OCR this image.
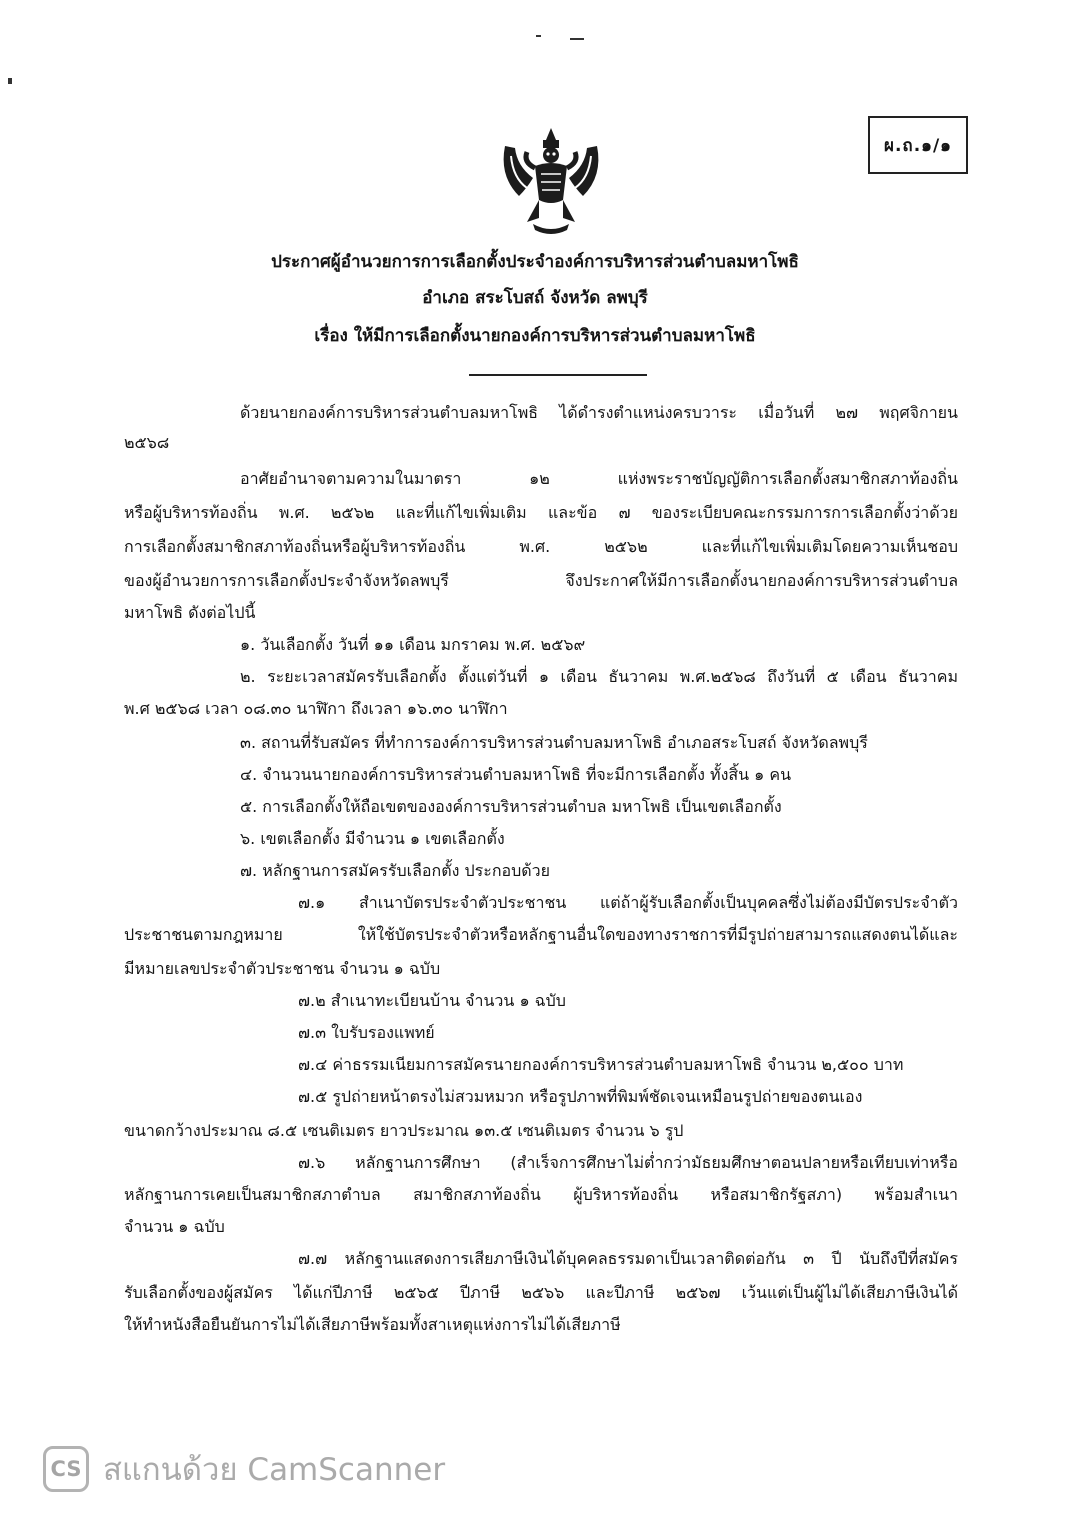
ผ.ถ.๑/๑
ประกาศผู้อำนวยการการเลือกตั้งประจำองค์การบริหารส่วนตำบลมหาโพธิ
อำเภอ สระโบสถ์ จังหวัด ลพบุรี
เรื่อง ให้มีการเลือกตั้งนายกองค์การบริหารส่วนตำบลมหาโพธิ
ด้วยนายกองค์การบริหารส่วนตำบลมหาโพธิ ได้ดำรงตำแหน่งครบวาระ เมื่อวันที่ ๒๗ พฤศจิกายน
๒๕๖๘
อาศัยอำนาจตามความในมาตรา ๑๒ แห่งพระราชบัญญัติการเลือกตั้งสมาชิกสภาท้องถิ่น
หรือผู้บริหารท้องถิ่น พ.ศ. ๒๕๖๒ และที่แก้ไขเพิ่มเติม และข้อ ๗ ของระเบียบคณะกรรมการการเลือกตั้งว่าด้วย
การเลือกตั้งสมาชิกสภาท้องถิ่นหรือผู้บริหารท้องถิ่น พ.ศ. ๒๕๖๒ และที่แก้ไขเพิ่มเติมโดยความเห็นชอบ
ของผู้อำนวยการการเลือกตั้งประจำจังหวัดลพบุรี จึงประกาศให้มีการเลือกตั้งนายกองค์การบริหารส่วนตำบล
มหาโพธิ ดังต่อไปนี้
๑. วันเลือกตั้ง วันที่ ๑๑ เดือน มกราคม พ.ศ. ๒๕๖๙
๒. ระยะเวลาสมัครรับเลือกตั้ง ตั้งแต่วันที่ ๑ เดือน ธันวาคม พ.ศ.๒๕๖๘ ถึงวันที่ ๕ เดือน ธันวาคม
พ.ศ ๒๕๖๘ เวลา ๐๘.๓๐ นาฬิกา ถึงเวลา ๑๖.๓๐ นาฬิกา
๓. สถานที่รับสมัคร ที่ทำการองค์การบริหารส่วนตำบลมหาโพธิ อำเภอสระโบสถ์ จังหวัดลพบุรี
๔. จำนวนนายกองค์การบริหารส่วนตำบลมหาโพธิ ที่จะมีการเลือกตั้ง ทั้งสิ้น ๑ คน
๕. การเลือกตั้งให้ถือเขตขององค์การบริหารส่วนตำบล มหาโพธิ เป็นเขตเลือกตั้ง
๖. เขตเลือกตั้ง มีจำนวน ๑ เขตเลือกตั้ง
๗. หลักฐานการสมัครรับเลือกตั้ง ประกอบด้วย
๗.๑ สำเนาบัตรประจำตัวประชาชน แต่ถ้าผู้รับเลือกตั้งเป็นบุคคลซึ่งไม่ต้องมีบัตรประจำตัว
ประชาชนตามกฎหมาย ให้ใช้บัตรประจำตัวหรือหลักฐานอื่นใดของทางราชการที่มีรูปถ่ายสามารถแสดงตนได้และ
มีหมายเลขประจำตัวประชาชน จำนวน ๑ ฉบับ
๗.๒ สำเนาทะเบียนบ้าน จำนวน ๑ ฉบับ
๗.๓ ใบรับรองแพทย์
๗.๔ ค่าธรรมเนียมการสมัครนายกองค์การบริหารส่วนตำบลมหาโพธิ จำนวน ๒,๕๐๐ บาท
๗.๕ รูปถ่ายหน้าตรงไม่สวมหมวก หรือรูปภาพที่พิมพ์ชัดเจนเหมือนรูปถ่ายของตนเอง
ขนาดกว้างประมาณ ๘.๕ เซนติเมตร ยาวประมาณ ๑๓.๕ เซนติเมตร จำนวน ๖ รูป
๗.๖ หลักฐานการศึกษา (สำเร็จการศึกษาไม่ต่ำกว่ามัธยมศึกษาตอนปลายหรือเทียบเท่าหรือ
หลักฐานการเคยเป็นสมาชิกสภาตำบล สมาชิกสภาท้องถิ่น ผู้บริหารท้องถิ่น หรือสมาชิกรัฐสภา) พร้อมสำเนา
จำนวน ๑ ฉบับ
๗.๗ หลักฐานแสดงการเสียภาษีเงินได้บุคคลธรรมดาเป็นเวลาติดต่อกัน ๓ ปี นับถึงปีที่สมัคร
รับเลือกตั้งของผู้สมัคร ได้แก่ปีภาษี ๒๕๖๕ ปีภาษี ๒๕๖๖ และปีภาษี ๒๕๖๗ เว้นแต่เป็นผู้ไม่ได้เสียภาษีเงินได้
ให้ทำหนังสือยืนยันการไม่ได้เสียภาษีพร้อมทั้งสาเหตุแห่งการไม่ได้เสียภาษี
CS สแกนด้วย CamScanner
